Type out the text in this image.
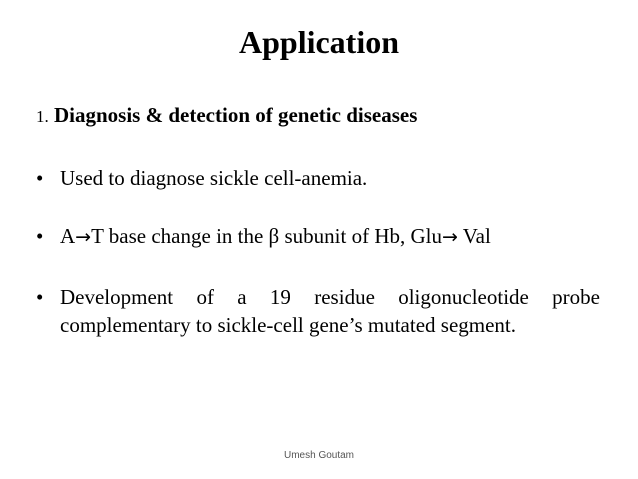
Application
1. Diagnosis & detection of genetic diseases
• Used to diagnose sickle cell-anemia.
• A→T base change in the β subunit of Hb, Glu→ Val
• Development of a 19 residue oligonucleotide probe complementary to sickle-cell gene’s mutated segment.
Umesh Goutam
